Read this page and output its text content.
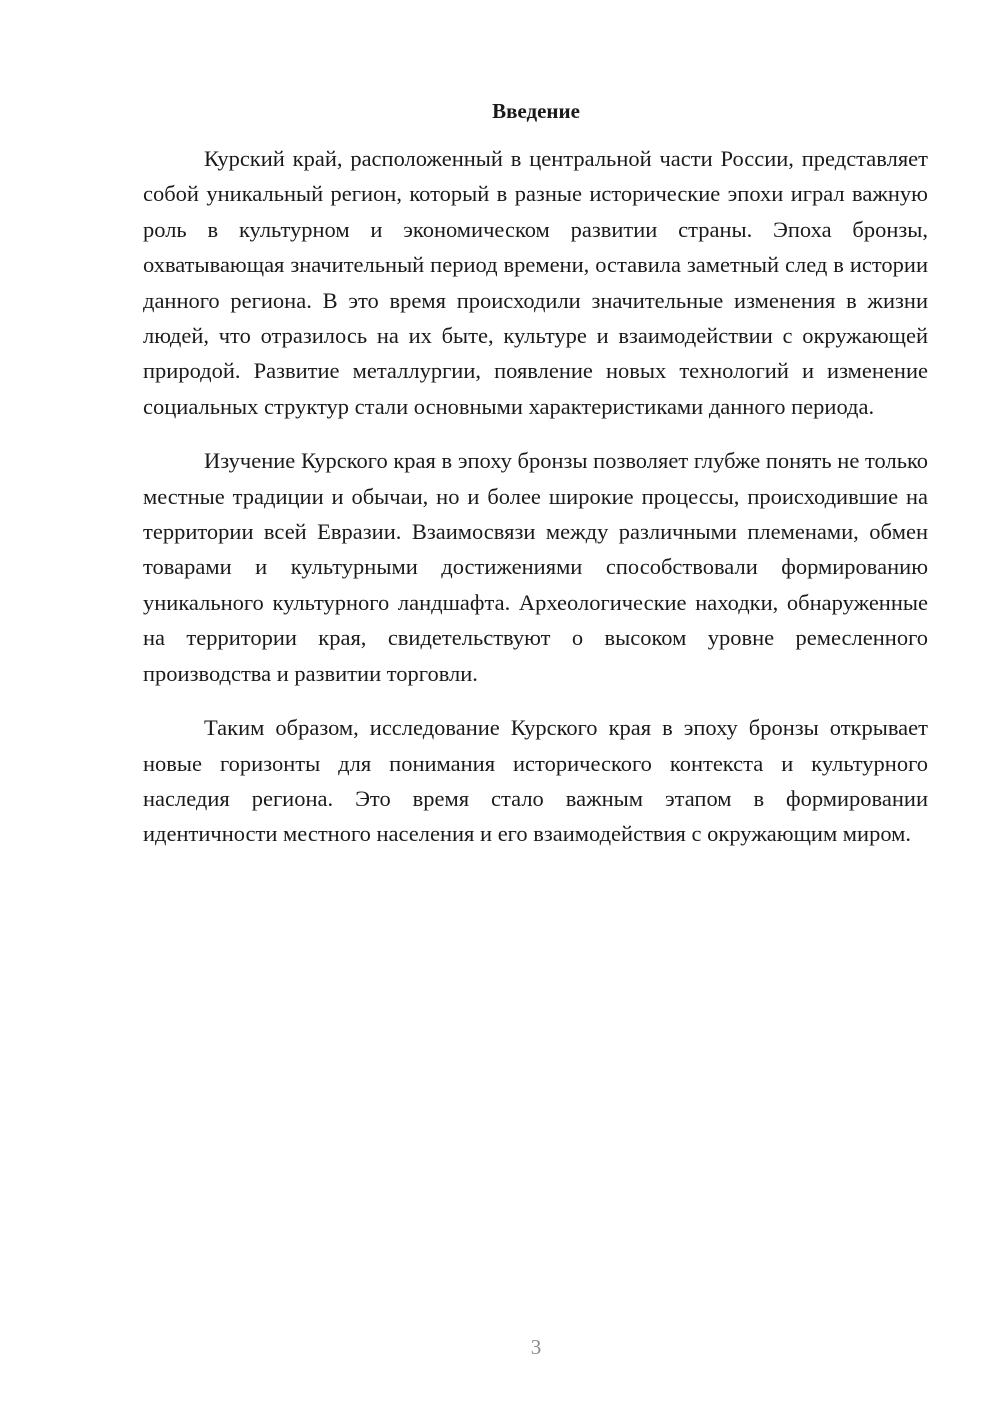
Введение

Курский край, расположенный в центральной части России, представляет собой уникальный регион, который в разные исторические эпохи играл важную роль в культурном и экономическом развитии страны. Эпоха бронзы, охватывающая значительный период времени, оставила заметный след в истории данного региона. В это время происходили значительные изменения в жизни людей, что отразилось на их быте, культуре и взаимодействии с окружающей природой. Развитие металлургии, появление новых технологий и изменение социальных структур стали основными характеристиками данного периода.

Изучение Курского края в эпоху бронзы позволяет глубже понять не только местные традиции и обычаи, но и более широкие процессы, происходившие на территории всей Евразии. Взаимосвязи между различными племенами, обмен товарами и культурными достижениями способствовали формированию уникального культурного ландшафта. Археологические находки, обнаруженные на территории края, свидетельствуют о высоком уровне ремесленного производства и развитии торговли.

Таким образом, исследование Курского края в эпоху бронзы открывает новые горизонты для понимания исторического контекста и культурного наследия региона. Это время стало важным этапом в формировании идентичности местного населения и его взаимодействия с окружающим миром.

3
